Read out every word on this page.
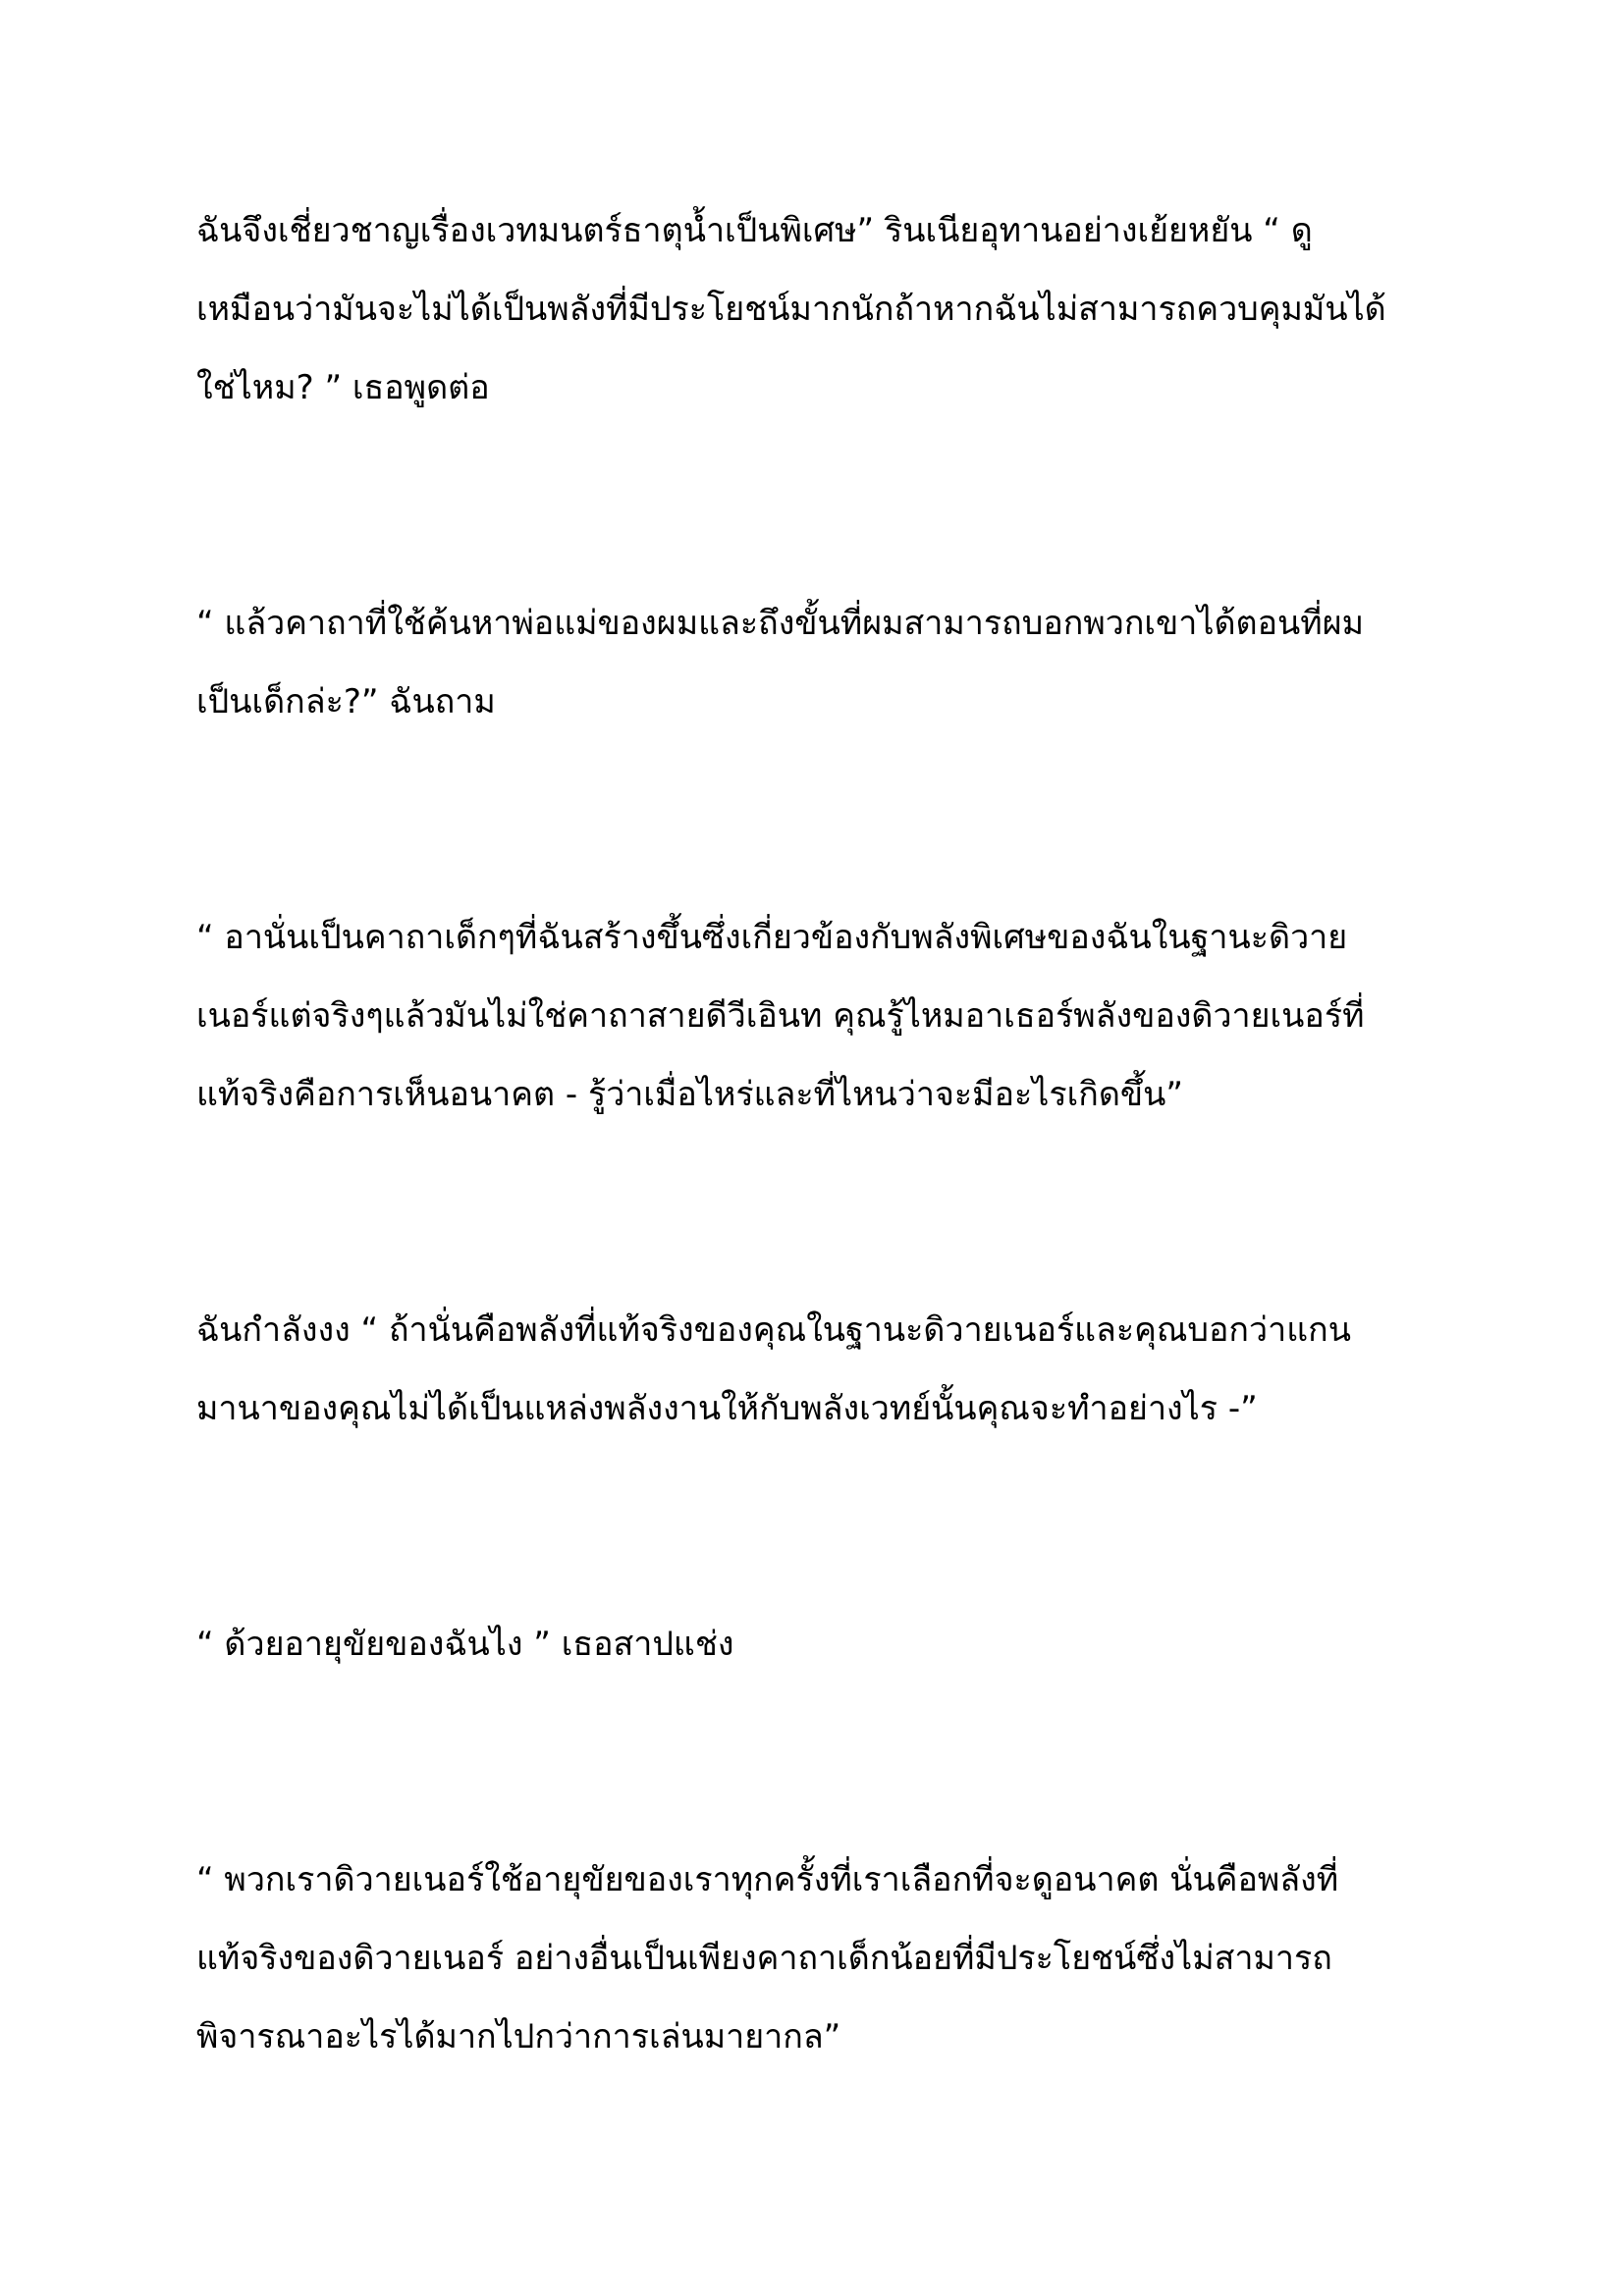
ฉันจึงเชี่ยวชาญเรื่องเวทมนตร์ธาตุน้ำเป็นพิเศษ” รินเนียอุทานอย่างเย้ยหยัน “ ดู
เหมือนว่ามันจะไม่ได้เป็นพลังที่มีประโยชน์มากนักถ้าหากฉันไม่สามารถควบคุมมันได้
ใช่ไหม? ” เธอพูดต่อ

“ แล้วคาถาที่ใช้ค้นหาพ่อแม่ของผมและถึงขั้นที่ผมสามารถบอกพวกเขาได้ตอนที่ผม
เป็นเด็กล่ะ?” ฉันถาม

“ อานั่นเป็นคาถาเด็กๆที่ฉันสร้างขึ้นซึ่งเกี่ยวข้องกับพลังพิเศษของฉันในฐานะดิวาย
เนอร์แต่จริงๆแล้วมันไม่ใช่คาถาสายดีวีเอินท คุณรู้ไหมอาเธอร์พลังของดิวายเนอร์ที่
แท้จริงคือการเห็นอนาคต - รู้ว่าเมื่อไหร่และที่ไหนว่าจะมีอะไรเกิดขึ้น”

ฉันกำลังงง “ ถ้านั่นคือพลังที่แท้จริงของคุณในฐานะดิวายเนอร์และคุณบอกว่าแกน
มานาของคุณไม่ได้เป็นแหล่งพลังงานให้กับพลังเวทย์นั้นคุณจะทำอย่างไร -”

“ ด้วยอายุขัยของฉันไง ” เธอสาปแช่ง

“ พวกเราดิวายเนอร์ใช้อายุขัยของเราทุกครั้งที่เราเลือกที่จะดูอนาคต นั่นคือพลังที่
แท้จริงของดิวายเนอร์ อย่างอื่นเป็นเพียงคาถาเด็กน้อยที่มีประโยชน์ซึ่งไม่สามารถ
พิจารณาอะไรได้มากไปกว่าการเล่นมายากล”
